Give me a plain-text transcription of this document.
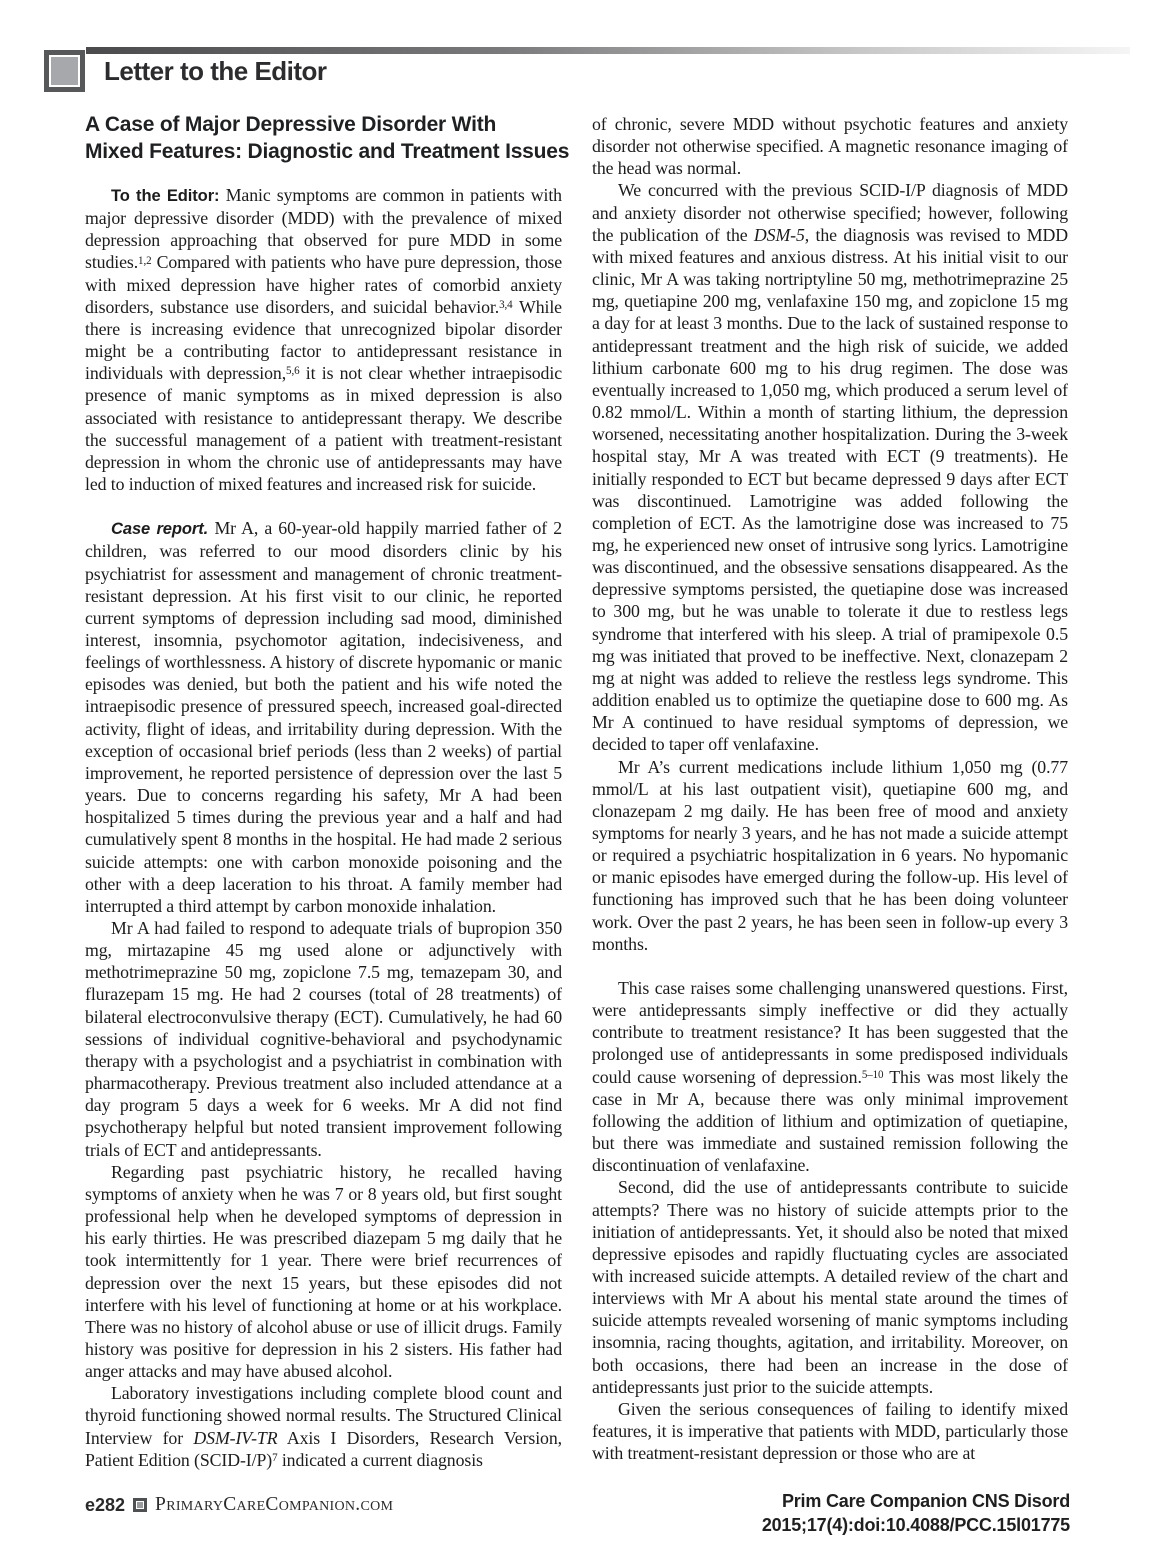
Letter to the Editor
A Case of Major Depressive Disorder With
Mixed Features: Diagnostic and Treatment Issues

To the Editor: Manic symptoms are common in patients with major depressive disorder (MDD) with the prevalence of mixed depression approaching that observed for pure MDD in some studies.$^{1,2}$ Compared with patients who have pure depression, those with mixed depression have higher rates of comorbid anxiety disorders, substance use disorders, and suicidal behavior.$^{3,4}$ While there is increasing evidence that unrecognized bipolar disorder might be a contributing factor to antidepressant resistance in individuals with depression,$^{5,6}$ it is not clear whether intraepisodic presence of manic symptoms as in mixed depression is also associated with resistance to antidepressant therapy. We describe the successful management of a patient with treatment-resistant depression in whom the chronic use of antidepressants may have led to induction of mixed features and increased risk for suicide.

Case report. Mr A, a 60-year-old happily married father of 2 children, was referred to our mood disorders clinic by his psychiatrist for assessment and management of chronic treatment-resistant depression. At his first visit to our clinic, he reported current symptoms of depression including sad mood, diminished interest, insomnia, psychomotor agitation, indecisiveness, and feelings of worthlessness. A history of discrete hypomanic or manic episodes was denied, but both the patient and his wife noted the intraepisodic presence of pressured speech, increased goal-directed activity, flight of ideas, and irritability during depression. With the exception of occasional brief periods (less than 2 weeks) of partial improvement, he reported persistence of depression over the last 5 years. Due to concerns regarding his safety, Mr A had been hospitalized 5 times during the previous year and a half and had cumulatively spent 8 months in the hospital. He had made 2 serious suicide attempts: one with carbon monoxide poisoning and the other with a deep laceration to his throat. A family member had interrupted a third attempt by carbon monoxide inhalation.

Mr A had failed to respond to adequate trials of bupropion 350 mg, mirtazapine 45 mg used alone or adjunctively with methotrimeprazine 50 mg, zopiclone 7.5 mg, temazepam 30, and flurazepam 15 mg. He had 2 courses (total of 28 treatments) of bilateral electroconvulsive therapy (ECT). Cumulatively, he had 60 sessions of individual cognitive-behavioral and psychodynamic therapy with a psychologist and a psychiatrist in combination with pharmacotherapy. Previous treatment also included attendance at a day program 5 days a week for 6 weeks. Mr A did not find psychotherapy helpful but noted transient improvement following trials of ECT and antidepressants.

Regarding past psychiatric history, he recalled having symptoms of anxiety when he was 7 or 8 years old, but first sought professional help when he developed symptoms of depression in his early thirties. He was prescribed diazepam 5 mg daily that he took intermittently for 1 year. There were brief recurrences of depression over the next 15 years, but these episodes did not interfere with his level of functioning at home or at his workplace. There was no history of alcohol abuse or use of illicit drugs. Family history was positive for depression in his 2 sisters. His father had anger attacks and may have abused alcohol.

Laboratory investigations including complete blood count and thyroid functioning showed normal results. The Structured Clinical Interview for DSM-IV-TR Axis I Disorders, Research Version, Patient Edition (SCID-I/P)$^7$ indicated a current diagnosis

of chronic, severe MDD without psychotic features and anxiety disorder not otherwise specified. A magnetic resonance imaging of the head was normal.

We concurred with the previous SCID-I/P diagnosis of MDD and anxiety disorder not otherwise specified; however, following the publication of the DSM-5, the diagnosis was revised to MDD with mixed features and anxious distress. At his initial visit to our clinic, Mr A was taking nortriptyline 50 mg, methotrimeprazine 25 mg, quetiapine 200 mg, venlafaxine 150 mg, and zopiclone 15 mg a day for at least 3 months. Due to the lack of sustained response to antidepressant treatment and the high risk of suicide, we added lithium carbonate 600 mg to his drug regimen. The dose was eventually increased to 1,050 mg, which produced a serum level of 0.82 mmol/L. Within a month of starting lithium, the depression worsened, necessitating another hospitalization. During the 3-week hospital stay, Mr A was treated with ECT (9 treatments). He initially responded to ECT but became depressed 9 days after ECT was discontinued. Lamotrigine was added following the completion of ECT. As the lamotrigine dose was increased to 75 mg, he experienced new onset of intrusive song lyrics. Lamotrigine was discontinued, and the obsessive sensations disappeared. As the depressive symptoms persisted, the quetiapine dose was increased to 300 mg, but he was unable to tolerate it due to restless legs syndrome that interfered with his sleep. A trial of pramipexole 0.5 mg was initiated that proved to be ineffective. Next, clonazepam 2 mg at night was added to relieve the restless legs syndrome. This addition enabled us to optimize the quetiapine dose to 600 mg. As Mr A continued to have residual symptoms of depression, we decided to taper off venlafaxine.

Mr A’s current medications include lithium 1,050 mg (0.77 mmol/L at his last outpatient visit), quetiapine 600 mg, and clonazepam 2 mg daily. He has been free of mood and anxiety symptoms for nearly 3 years, and he has not made a suicide attempt or required a psychiatric hospitalization in 6 years. No hypomanic or manic episodes have emerged during the follow-up. His level of functioning has improved such that he has been doing volunteer work. Over the past 2 years, he has been seen in follow-up every 3 months.

This case raises some challenging unanswered questions. First, were antidepressants simply ineffective or did they actually contribute to treatment resistance? It has been suggested that the prolonged use of antidepressants in some predisposed individuals could cause worsening of depression.$^{5-10}$ This was most likely the case in Mr A, because there was only minimal improvement following the addition of lithium and optimization of quetiapine, but there was immediate and sustained remission following the discontinuation of venlafaxine.

Second, did the use of antidepressants contribute to suicide attempts? There was no history of suicide attempts prior to the initiation of antidepressants. Yet, it should also be noted that mixed depressive episodes and rapidly fluctuating cycles are associated with increased suicide attempts. A detailed review of the chart and interviews with Mr A about his mental state around the times of suicide attempts revealed worsening of manic symptoms including insomnia, racing thoughts, agitation, and irritability. Moreover, on both occasions, there had been an increase in the dose of antidepressants just prior to the suicide attempts.

Given the serious consequences of failing to identify mixed features, it is imperative that patients with MDD, particularly those with treatment-resistant depression or those who are at

e282 PrimaryCareCompanion.com	Prim Care Companion CNS Disord
2015;17(4):doi:10.4088/PCC.15l01775
